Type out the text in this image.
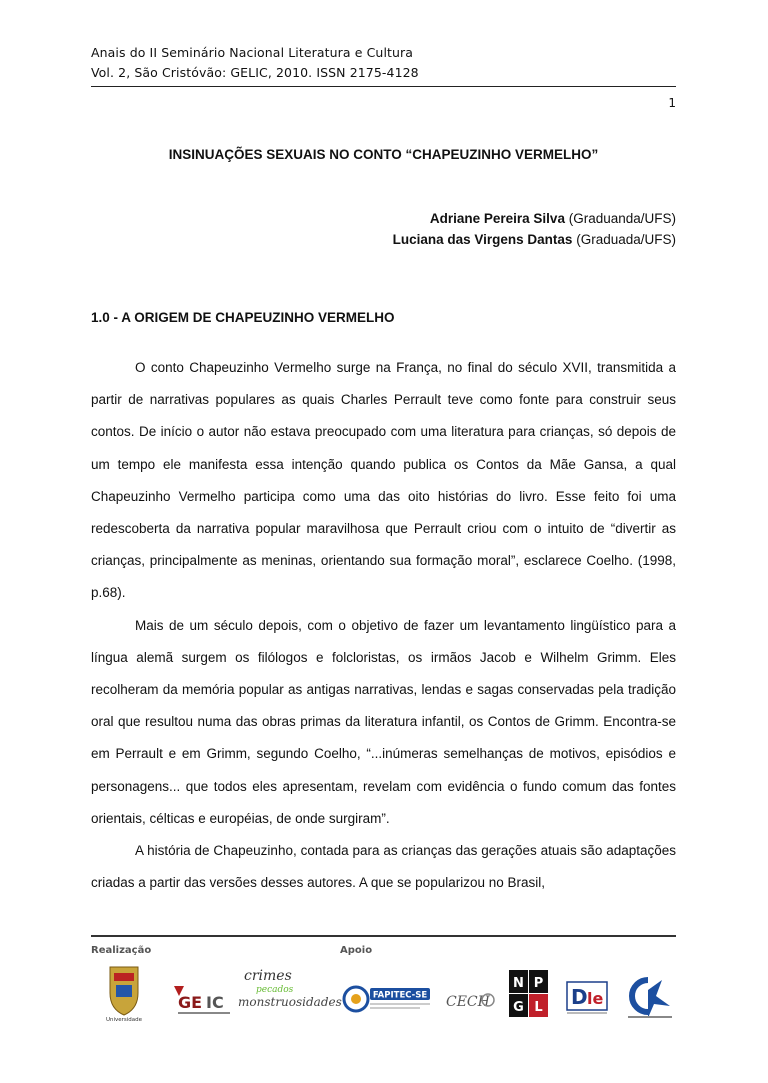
Anais do II Seminário Nacional Literatura e Cultura
Vol. 2, São Cristóvão: GELIC, 2010. ISSN 2175-4128
1
INSINUAÇÕES SEXUAIS NO CONTO “CHAPEUZINHO VERMELHO”
Adriane Pereira Silva (Graduanda/UFS)
Luciana das Virgens Dantas (Graduada/UFS)
1.0 - A ORIGEM DE CHAPEUZINHO VERMELHO

O conto Chapeuzinho Vermelho surge na França, no final do século XVII, transmitida a partir de narrativas populares as quais Charles Perrault teve como fonte para construir seus contos. De início o autor não estava preocupado com uma literatura para crianças, só depois de um tempo ele manifesta essa intenção quando publica os Contos da Mãe Gansa, a qual Chapeuzinho Vermelho participa como uma das oito histórias do livro. Esse feito foi uma redescoberta da narrativa popular maravilhosa que Perrault criou com o intuito de “divertir as crianças, principalmente as meninas, orientando sua formação moral”, esclarece Coelho. (1998, p.68).

Mais de um século depois, com o objetivo de fazer um levantamento lingüístico para a língua alemã surgem os filólogos e folcloristas, os irmãos Jacob e Wilhelm Grimm. Eles recolheram da memória popular as antigas narrativas, lendas e sagas conservadas pela tradição oral que resultou numa das obras primas da literatura infantil, os Contos de Grimm. Encontra-se em Perrault e em Grimm, segundo Coelho, “...inúmeras semelhanças de motivos, episódios e personagens... que todos eles apresentam, revelam com evidência o fundo comum das fontes orientais, célticas e européias, de onde surgiram”.

A história de Chapeuzinho, contada para as crianças das gerações atuais são adaptações criadas a partir das versões desses autores. A que se popularizou no Brasil,

Realização	Apoio
Universidade
GE IC
crimes
pecados
monstruosidades	FAPITEC-SE CECH
N P
G L D le
